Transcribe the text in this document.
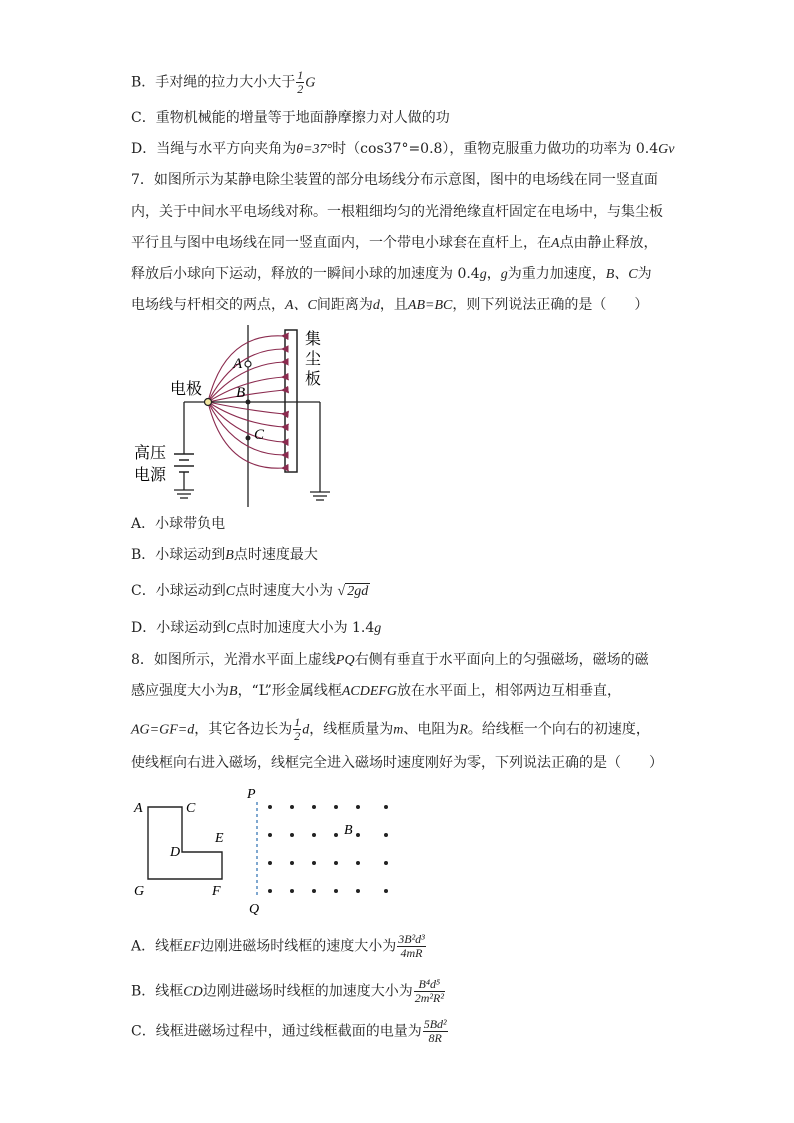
B．手对绳的拉力大小大于 $\frac{1}{2}$ G
C．重物机械能的增量等于地面静摩擦力对人做的功
D．当绳与水平方向夹角为θ=37°时（cos37°=0.8），重物克服重力做功的功率为 0.4Gv
7．如图所示为某静电除尘装置的部分电场线分布示意图，图中的电场线在同一竖直面
内，关于中间水平电场线对称。一根粗细均匀的光滑绝缘直杆固定在电场中，与集尘板
平行且与图中电场线在同一竖直面内，一个带电小球套在直杆上，在A点由静止释放，
释放后小球向下运动，释放的一瞬间小球的加速度为 0.4g，g为重力加速度，B、C为
电场线与杆相交的两点，A、C间距离为d，且AB=BC，则下列说法正确的是（　　）
A
B
C
集
尘
板
电极
高压
电源
A．小球带负电
B．小球运动到B点时速度最大
C．小球运动到C点时速度大小为 √ 2gd
D．小球运动到C点时加速度大小为 1.4g
8．如图所示，光滑水平面上虚线PQ右侧有垂直于水平面向上的匀强磁场，磁场的磁
感应强度大小为B，“L”形金属线框ACDEFG放在水平面上，相邻两边互相垂直，
AG=GF=d，其它各边长为 $\frac{1}{2}$ d，线框质量为m、电阻为R。给线框一个向右的初速度，
使线框向右进入磁场，线框完全进入磁场时速度刚好为零，下列说法正确的是（　　）
A	C
E
D
G	F
P
Q
B
A．线框EF边刚进磁场时线框的速度大小为 $\frac{\text{3B²d³}}{4mR}$
B．线框CD边刚进磁场时线框的加速度大小为 $\frac{\text{B⁴d⁵}}{\text{2m²R²}}$
C．线框进磁场过程中，通过线框截面的电量为 $\frac{\text{5Bd²}}{8R}$
